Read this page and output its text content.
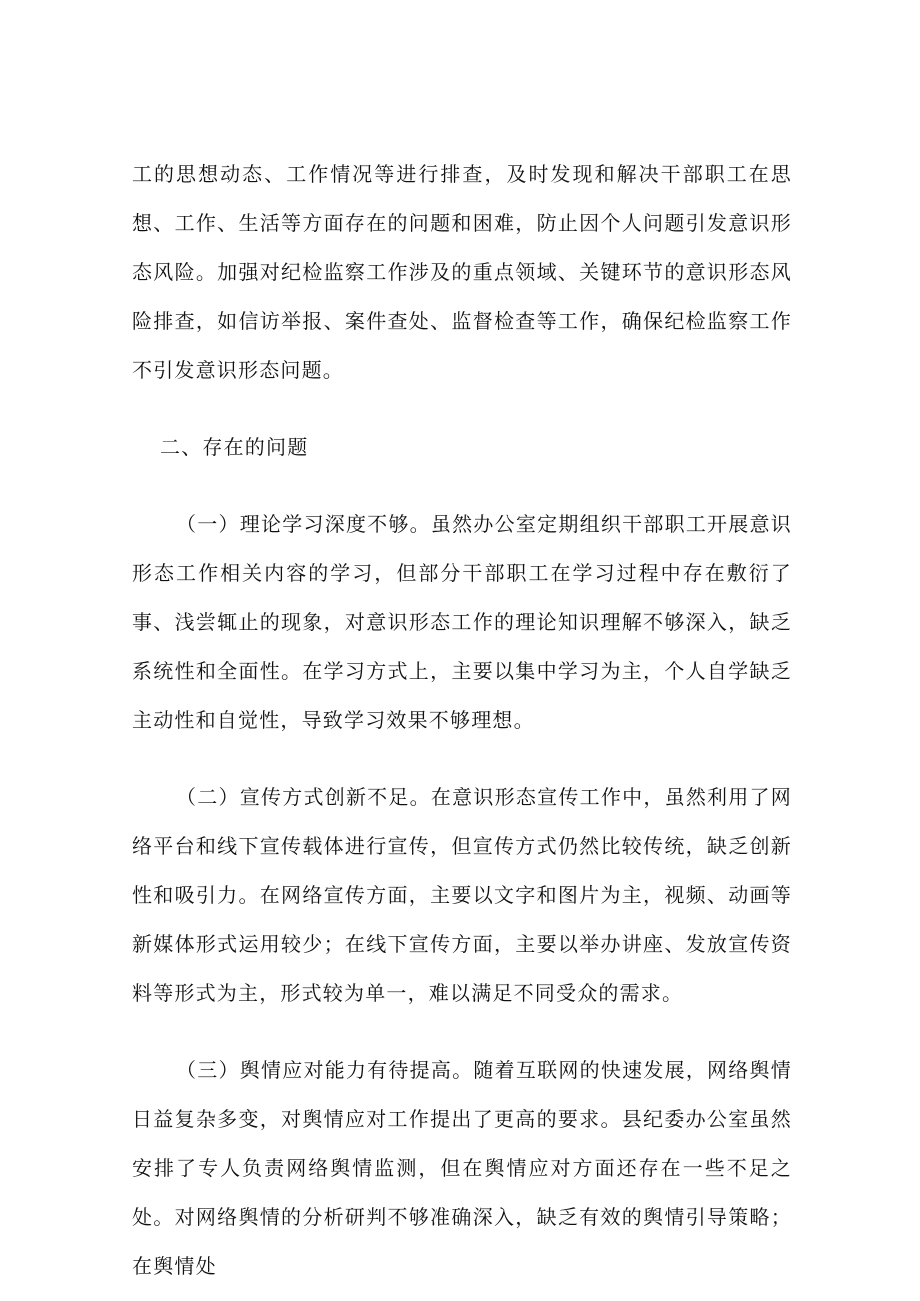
工的思想动态、工作情况等进行排查，及时发现和解决干部职工在思想、工作、生活等方面存在的问题和困难，防止因个人问题引发意识形态风险。加强对纪检监察工作涉及的重点领域、关键环节的意识形态风险排查，如信访举报、案件查处、监督检查等工作，确保纪检监察工作不引发意识形态问题。

二、存在的问题

（一）理论学习深度不够。虽然办公室定期组织干部职工开展意识形态工作相关内容的学习，但部分干部职工在学习过程中存在敷衍了事、浅尝辄止的现象，对意识形态工作的理论知识理解不够深入，缺乏系统性和全面性。在学习方式上，主要以集中学习为主，个人自学缺乏主动性和自觉性，导致学习效果不够理想。

（二）宣传方式创新不足。在意识形态宣传工作中，虽然利用了网络平台和线下宣传载体进行宣传，但宣传方式仍然比较传统，缺乏创新性和吸引力。在网络宣传方面，主要以文字和图片为主，视频、动画等新媒体形式运用较少；在线下宣传方面，主要以举办讲座、发放宣传资料等形式为主，形式较为单一，难以满足不同受众的需求。

（三）舆情应对能力有待提高。随着互联网的快速发展，网络舆情日益复杂多变，对舆情应对工作提出了更高的要求。县纪委办公室虽然安排了专人负责网络舆情监测，但在舆情应对方面还存在一些不足之处。对网络舆情的分析研判不够准确深入，缺乏有效的舆情引导策略；在舆情处
